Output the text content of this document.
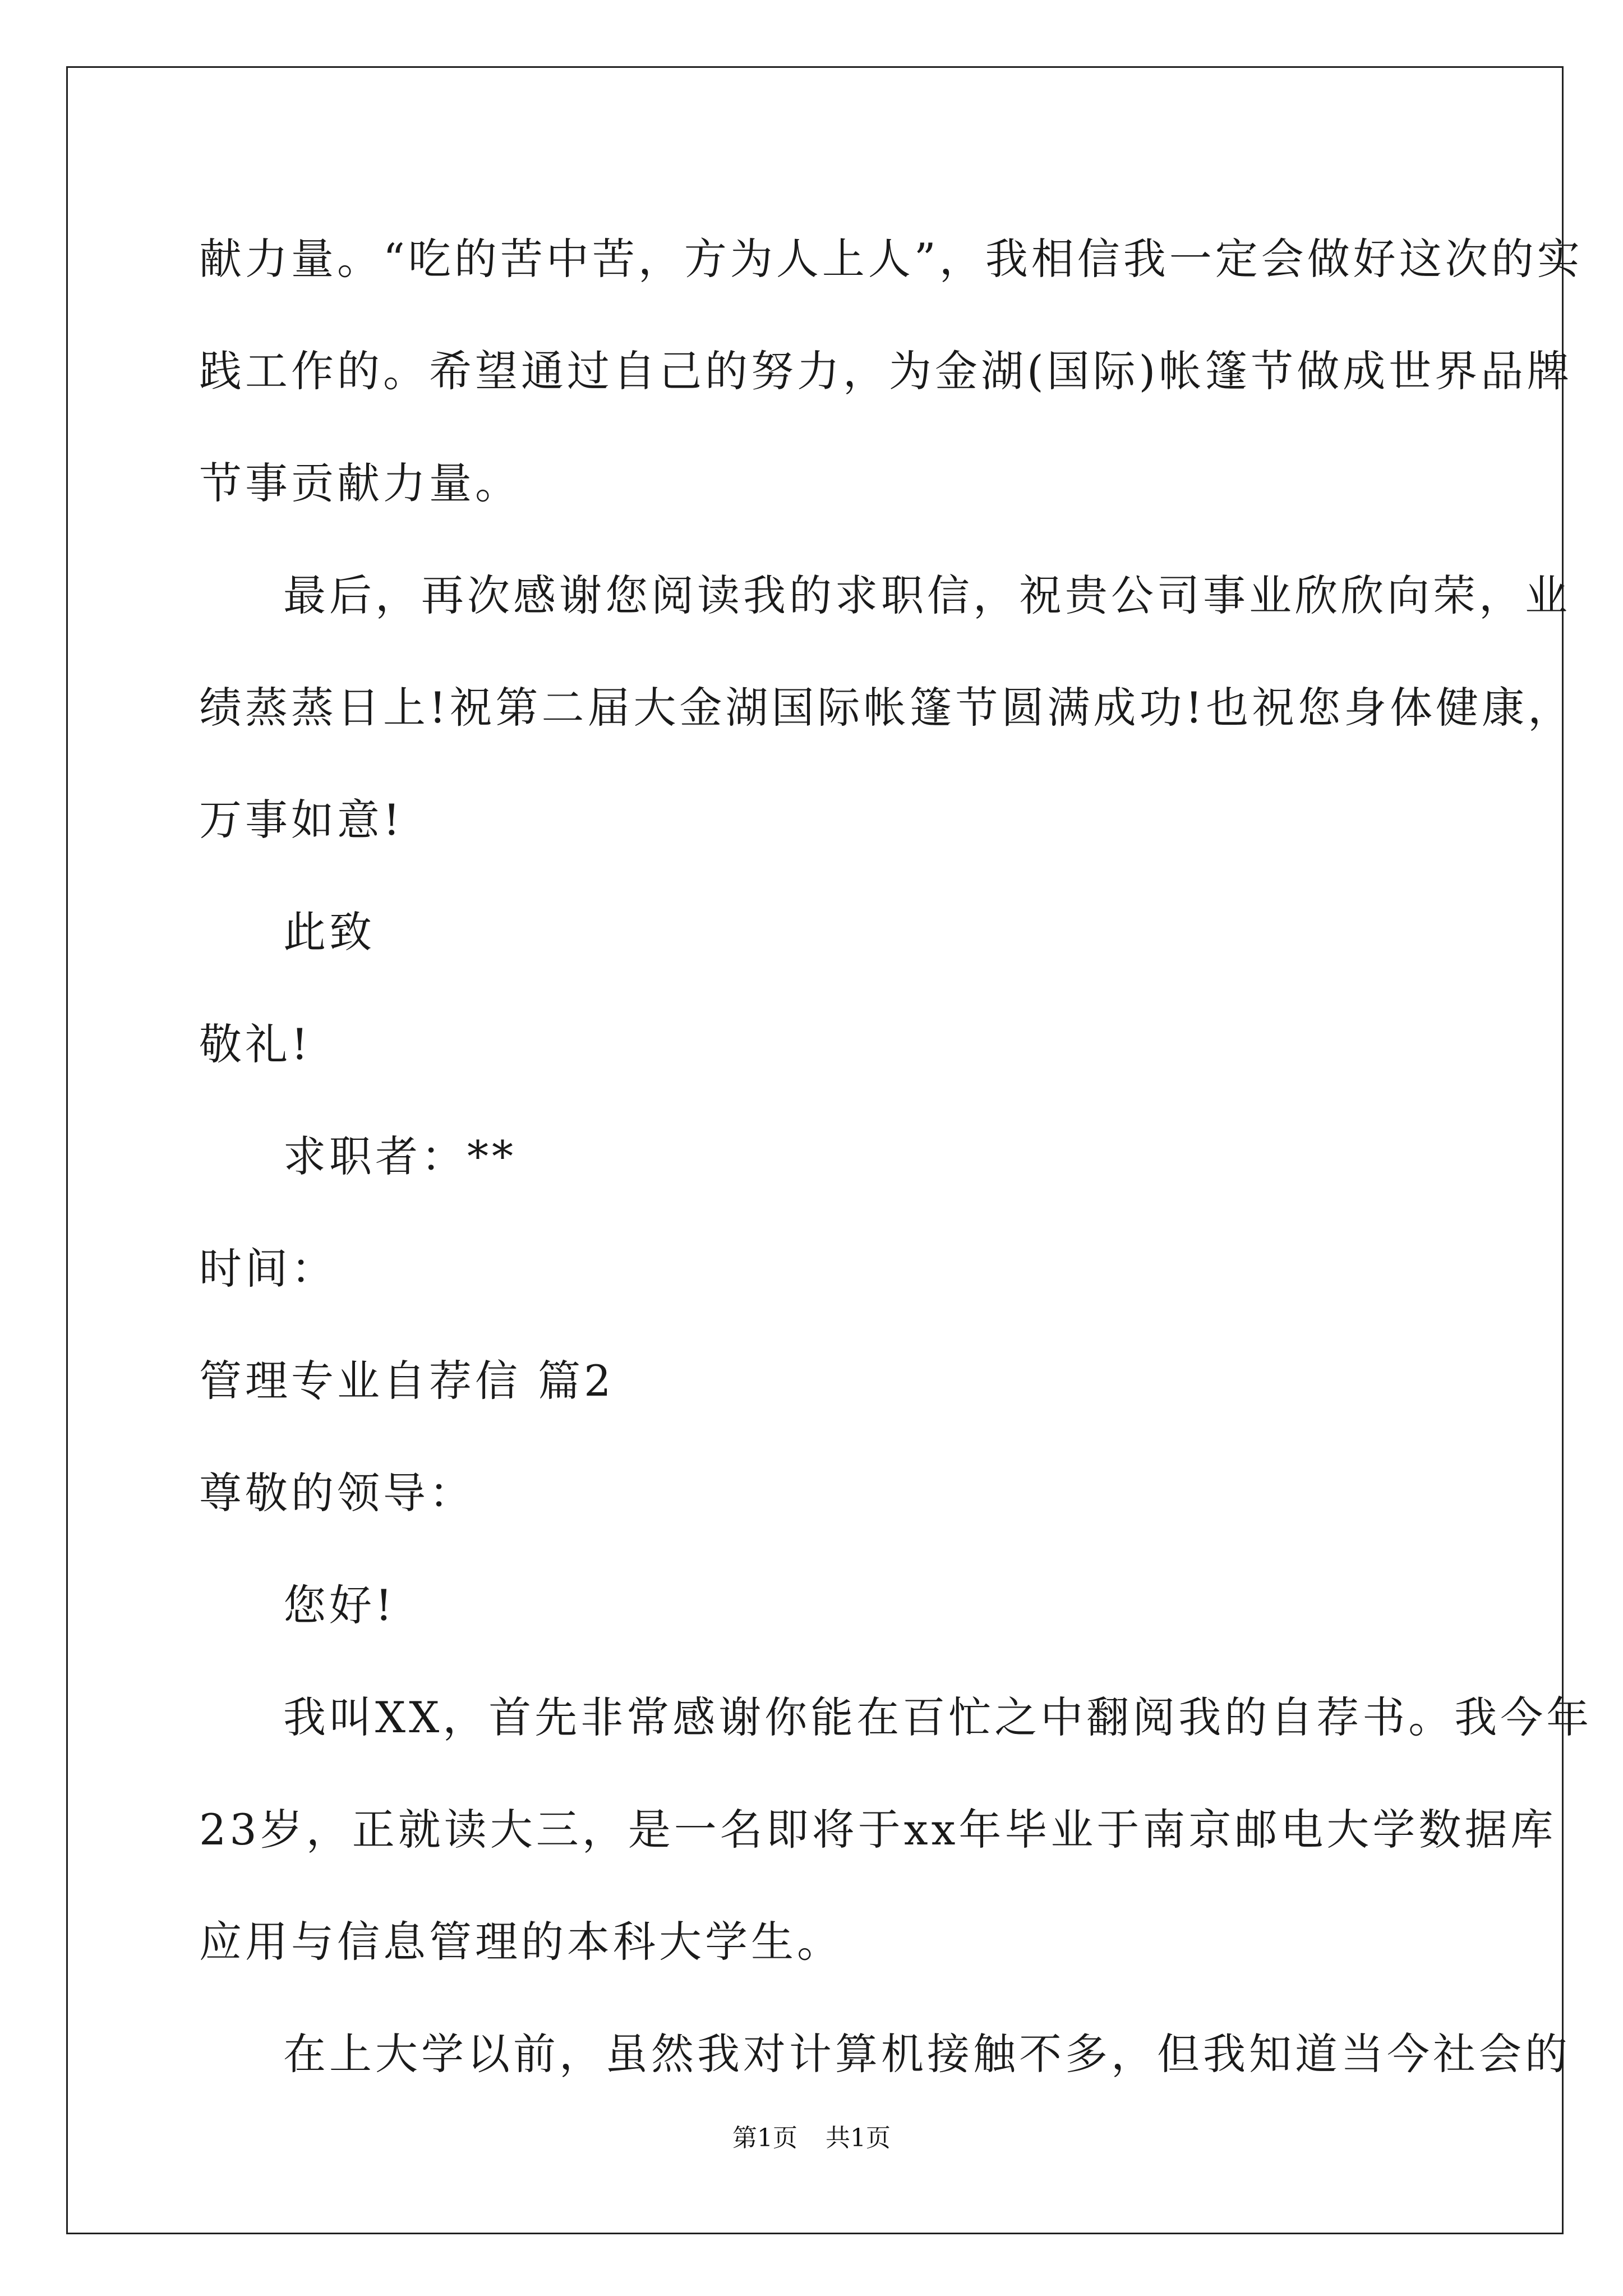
献力量。“吃的苦中苦，方为人上人”，我相信我一定会做好这次的实
践工作的。希望通过自己的努力，为金湖(国际)帐篷节做成世界品牌
节事贡献力量。
最后，再次感谢您阅读我的求职信，祝贵公司事业欣欣向荣，业
绩蒸蒸日上!祝第二届大金湖国际帐篷节圆满成功!也祝您身体健康，
万事如意!
此致
敬礼!
求职者：**
时间：
管理专业自荐信 篇2
尊敬的领导：
您好!
我叫XX，首先非常感谢你能在百忙之中翻阅我的自荐书。我今年
23岁，正就读大三，是一名即将于xx年毕业于南京邮电大学数据库
应用与信息管理的本科大学生。
在上大学以前，虽然我对计算机接触不多，但我知道当今社会的
第1页 共1页
